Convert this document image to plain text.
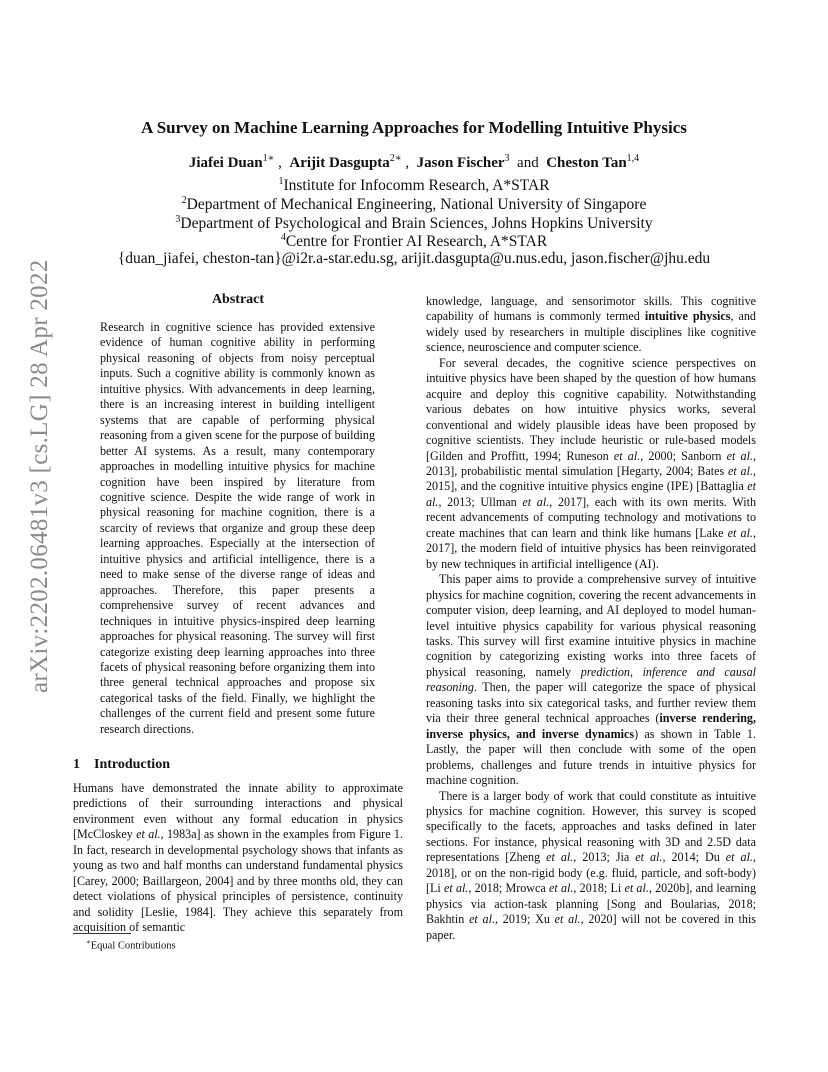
arXiv:2202.06481v3 [cs.LG] 28 Apr 2022
A Survey on Machine Learning Approaches for Modelling Intuitive Physics
Jiafei Duan$^{1∗}$ ,  Arijit Dasgupta$^{2∗}$ ,  Jason Fischer$^3$  and  Cheston Tan$^{1,4}$
$^1$Institute for Infocomm Research, A*STAR
$^2$Department of Mechanical Engineering, National University of Singapore
$^3$Department of Psychological and Brain Sciences, Johns Hopkins University
$^4$Centre for Frontier AI Research, A*STAR
{duan_jiafei, cheston-tan}@i2r.a-star.edu.sg, arijit.dasgupta@u.nus.edu, jason.fischer@jhu.edu
Abstract

Research in cognitive science has provided extensive evidence of human cognitive ability in performing physical reasoning of objects from noisy perceptual inputs. Such a cognitive ability is commonly known as intuitive physics. With advancements in deep learning, there is an increasing interest in building intelligent systems that are capable of performing physical reasoning from a given scene for the purpose of building better AI systems. As a result, many contemporary approaches in modelling intuitive physics for machine cognition have been inspired by literature from cognitive science. Despite the wide range of work in physical reasoning for machine cognition, there is a scarcity of reviews that organize and group these deep learning approaches. Especially at the intersection of intuitive physics and artificial intelligence, there is a need to make sense of the diverse range of ideas and approaches. Therefore, this paper presents a comprehensive survey of recent advances and techniques in intuitive physics-inspired deep learning approaches for physical reasoning. The survey will first categorize existing deep learning approaches into three facets of physical reasoning before organizing them into three general technical approaches and propose six categorical tasks of the field. Finally, we highlight the challenges of the current field and present some future research directions.

1 Introduction

Humans have demonstrated the innate ability to approximate predictions of their surrounding interactions and physical environment even without any formal education in physics [McCloskey et al., 1983a] as shown in the examples from Figure 1. In fact, research in developmental psychology shows that infants as young as two and half months can understand fundamental physics [Carey, 2000; Baillargeon, 2004] and by three months old, they can detect violations of physical principles of persistence, continuity and solidity [Leslie, 1984]. They achieve this separately from acquisition of semantic

∗Equal Contributions

knowledge, language, and sensorimotor skills. This cognitive capability of humans is commonly termed intuitive physics, and widely used by researchers in multiple disciplines like cognitive science, neuroscience and computer science.

For several decades, the cognitive science perspectives on intuitive physics have been shaped by the question of how humans acquire and deploy this cognitive capability. Notwithstanding various debates on how intuitive physics works, several conventional and widely plausible ideas have been proposed by cognitive scientists. They include heuristic or rule-based models [Gilden and Proffitt, 1994; Runeson et al., 2000; Sanborn et al., 2013], probabilistic mental simulation [Hegarty, 2004; Bates et al., 2015], and the cognitive intuitive physics engine (IPE) [Battaglia et al., 2013; Ullman et al., 2017], each with its own merits. With recent advancements of computing technology and motivations to create machines that can learn and think like humans [Lake et al., 2017], the modern field of intuitive physics has been reinvigorated by new techniques in artificial intelligence (AI).

This paper aims to provide a comprehensive survey of intuitive physics for machine cognition, covering the recent advancements in computer vision, deep learning, and AI deployed to model human-level intuitive physics capability for various physical reasoning tasks. This survey will first examine intuitive physics in machine cognition by categorizing existing works into three facets of physical reasoning, namely prediction, inference and causal reasoning. Then, the paper will categorize the space of physical reasoning tasks into six categorical tasks, and further review them via their three general technical approaches (inverse rendering, inverse physics, and inverse dynamics) as shown in Table 1. Lastly, the paper will then conclude with some of the open problems, challenges and future trends in intuitive physics for machine cognition.

There is a larger body of work that could constitute as intuitive physics for machine cognition. However, this survey is scoped specifically to the facets, approaches and tasks defined in later sections. For instance, physical reasoning with 3D and 2.5D data representations [Zheng et al., 2013; Jia et al., 2014; Du et al., 2018], or on the non-rigid body (e.g. fluid, particle, and soft-body) [Li et al., 2018; Mrowca et al., 2018; Li et al., 2020b], and learning physics via action-task planning [Song and Boularias, 2018; Bakhtin et al., 2019; Xu et al., 2020] will not be covered in this paper.
